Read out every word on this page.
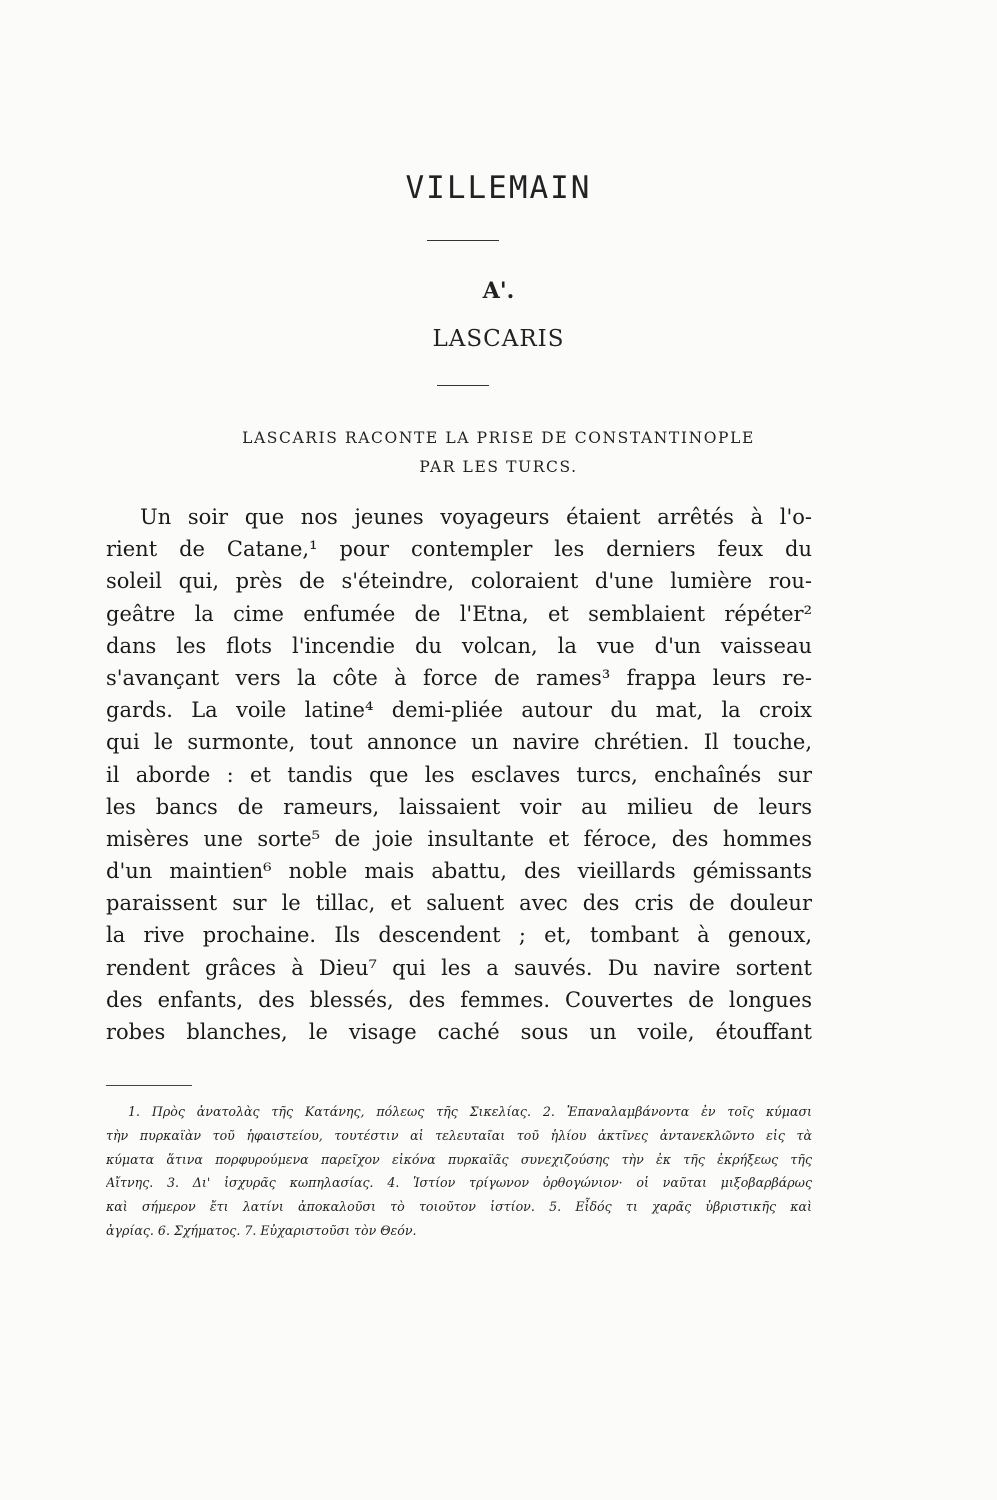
VILLEMAIN
A'.
LASCARIS
LASCARIS RACONTE LA PRISE DE CONSTANTINOPLE
PAR LES TURCS.
Un soir que nos jeunes voyageurs étaient arrêtés à l'o-
rient de Catane,¹ pour contempler les derniers feux du
soleil qui, près de s'éteindre, coloraient d'une lumière rou-
geâtre la cime enfumée de l'Etna, et semblaient répéter²
dans les flots l'incendie du volcan, la vue d'un vaisseau
s'avançant vers la côte à force de rames³ frappa leurs re-
gards. La voile latine⁴ demi-pliée autour du mat, la croix
qui le surmonte, tout annonce un navire chrétien. Il touche,
il aborde : et tandis que les esclaves turcs, enchaînés sur
les bancs de rameurs, laissaient voir au milieu de leurs
misères une sorte⁵ de joie insultante et féroce, des hommes
d'un maintien⁶ noble mais abattu, des vieillards gémissants
paraissent sur le tillac, et saluent avec des cris de douleur
la rive prochaine. Ils descendent ; et, tombant à genoux,
rendent grâces à Dieu⁷ qui les a sauvés. Du navire sortent
des enfants, des blessés, des femmes. Couvertes de longues
robes blanches, le visage caché sous un voile, étouffant
1. Πρὸς ἀνατολὰς τῆς Κατάνης, πόλεως τῆς Σικελίας. 2. Ἐπαναλαμβάνοντα ἐν τοῖς κύμασι
τὴν πυρκαϊὰν τοῦ ἡφαιστείου, τουτέστιν αἱ τελευταῖαι τοῦ ἡλίου ἀκτῖνες ἀντανεκλῶντο εἰς τὰ
κύματα ἅτινα πορφυρούμενα παρεῖχον εἰκόνα πυρκαϊᾶς συνεχιζούσης τὴν ἐκ τῆς ἐκρήξεως τῆς
Αἴτνης. 3. Δι' ἰσχυρᾶς κωπηλασίας. 4. Ἱστίον τρίγωνον ὀρθογώνιον· οἱ ναῦται μιξοβαρβάρως
καὶ σήμερον ἔτι λατίνι ἀποκαλοῦσι τὸ τοιοῦτον ἱστίον. 5. Εἶδός τι χαρᾶς ὑβριστικῆς καὶ
ἀγρίας. 6. Σχήματος. 7. Εὐχαριστοῦσι τὸν Θεόν.
